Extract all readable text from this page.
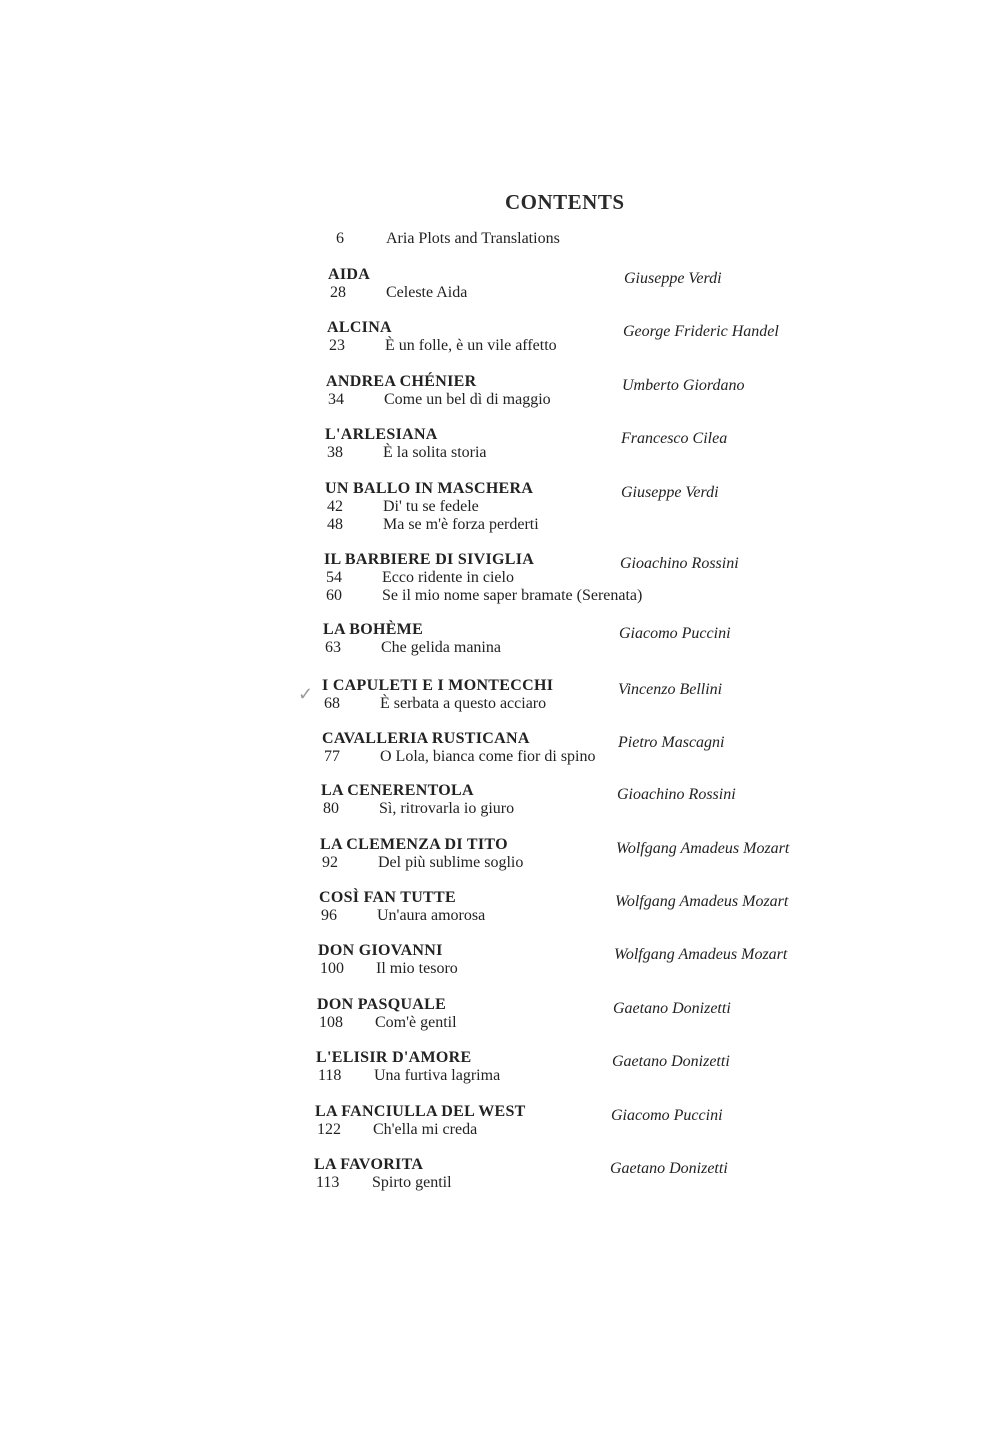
CONTENTS
6	Aria Plots and Translations
✓
AIDA	Giuseppe Verdi
28	Celeste Aida
ALCINA	George Frideric Handel
23	È un folle, è un vile affetto
ANDREA CHÉNIER	Umberto Giordano
34	Come un bel dì di maggio
L'ARLESIANA	Francesco Cilea
38	È la solita storia
UN BALLO IN MASCHERA	Giuseppe Verdi
42	Di' tu se fedele
48	Ma se m'è forza perderti
IL BARBIERE DI SIVIGLIA	Gioachino Rossini
54	Ecco ridente in cielo
60	Se il mio nome saper bramate (Serenata)
LA BOHÈME	Giacomo Puccini
63	Che gelida manina
I CAPULETI E I MONTECCHI	Vincenzo Bellini
68	È serbata a questo acciaro
CAVALLERIA RUSTICANA	Pietro Mascagni
77	O Lola, bianca come fior di spino
LA CENERENTOLA	Gioachino Rossini
80	Sì, ritrovarla io giuro
LA CLEMENZA DI TITO	Wolfgang Amadeus Mozart
92	Del più sublime soglio
COSÌ FAN TUTTE	Wolfgang Amadeus Mozart
96	Un'aura amorosa
DON GIOVANNI	Wolfgang Amadeus Mozart
100 Il mio tesoro
DON PASQUALE	Gaetano Donizetti
108 Com'è gentil
L'ELISIR D'AMORE	Gaetano Donizetti
118 Una furtiva lagrima
LA FANCIULLA DEL WEST	Giacomo Puccini
122 Ch'ella mi creda
LA FAVORITA	Gaetano Donizetti
113 Spirto gentil
